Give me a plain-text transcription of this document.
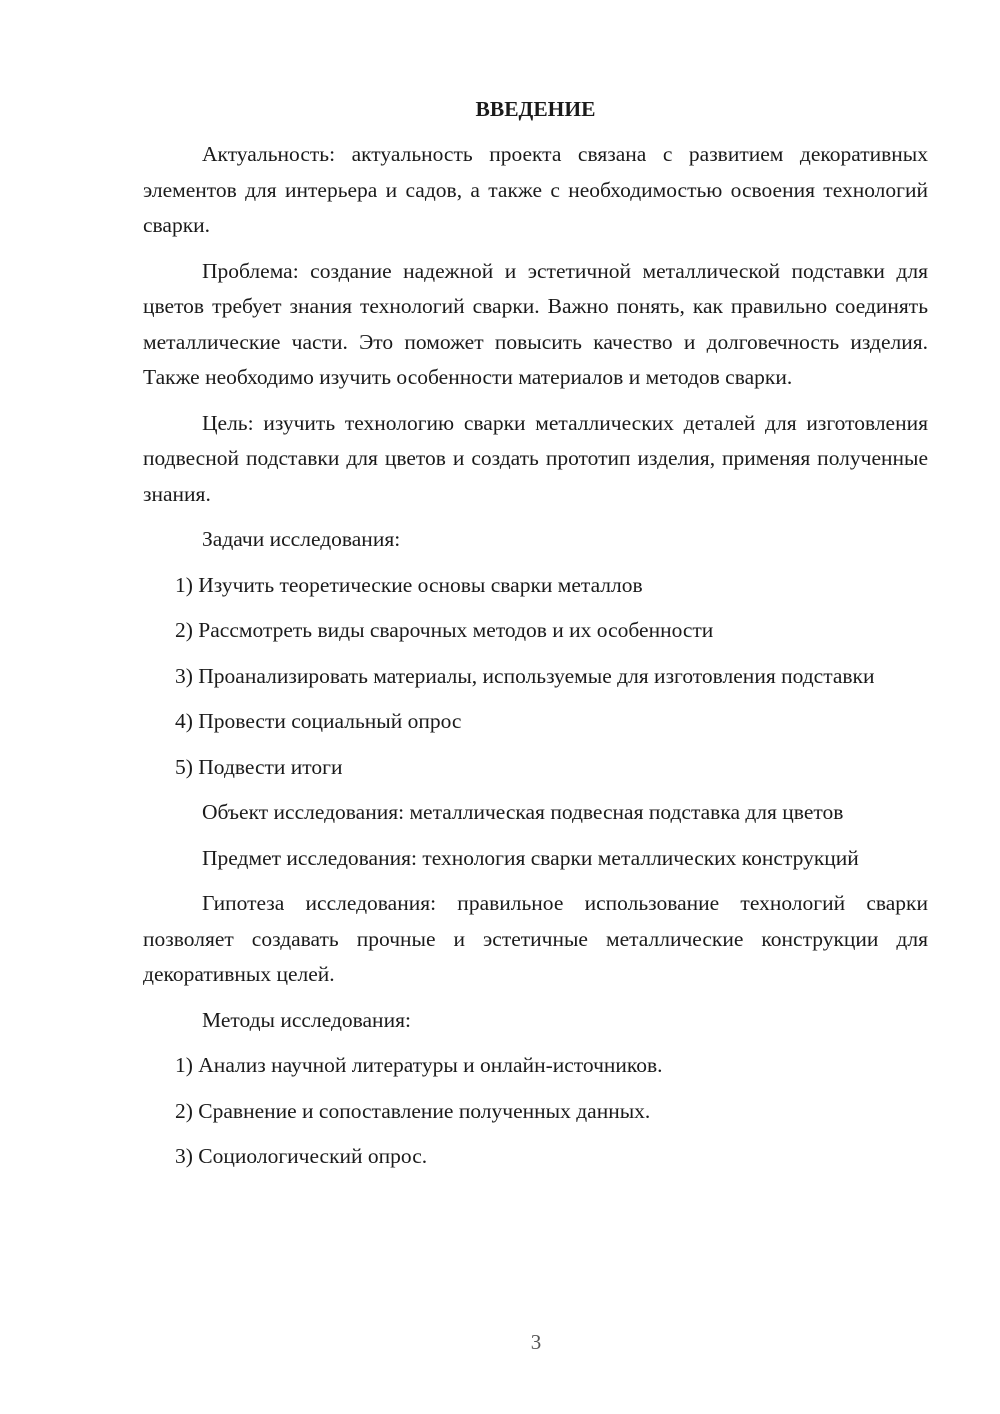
ВВЕДЕНИЕ

Актуальность: актуальность проекта связана с развитием декоративных элементов для интерьера и садов, а также с необходимостью освоения технологий сварки.

Проблема: создание надежной и эстетичной металлической подставки для цветов требует знания технологий сварки. Важно понять, как правильно соединять металлические части. Это поможет повысить качество и долговечность изделия. Также необходимо изучить особенности материалов и методов сварки.

Цель: изучить технологию сварки металлических деталей для изготовления подвесной подставки для цветов и создать прототип изделия, применяя полученные знания.

Задачи исследования:

1) Изучить теоретические основы сварки металлов

2) Рассмотреть виды сварочных методов и их особенности

3) Проанализировать материалы, используемые для изготовления подставки

4) Провести социальный опрос

5) Подвести итоги

Объект исследования: металлическая подвесная подставка для цветов

Предмет исследования: технология сварки металлических конструкций

Гипотеза исследования: правильное использование технологий сварки позволяет создавать прочные и эстетичные металлические конструкции для декоративных целей.

Методы исследования:

1) Анализ научной литературы и онлайн-источников.

2) Сравнение и сопоставление полученных данных.

3) Социологический опрос.

3
